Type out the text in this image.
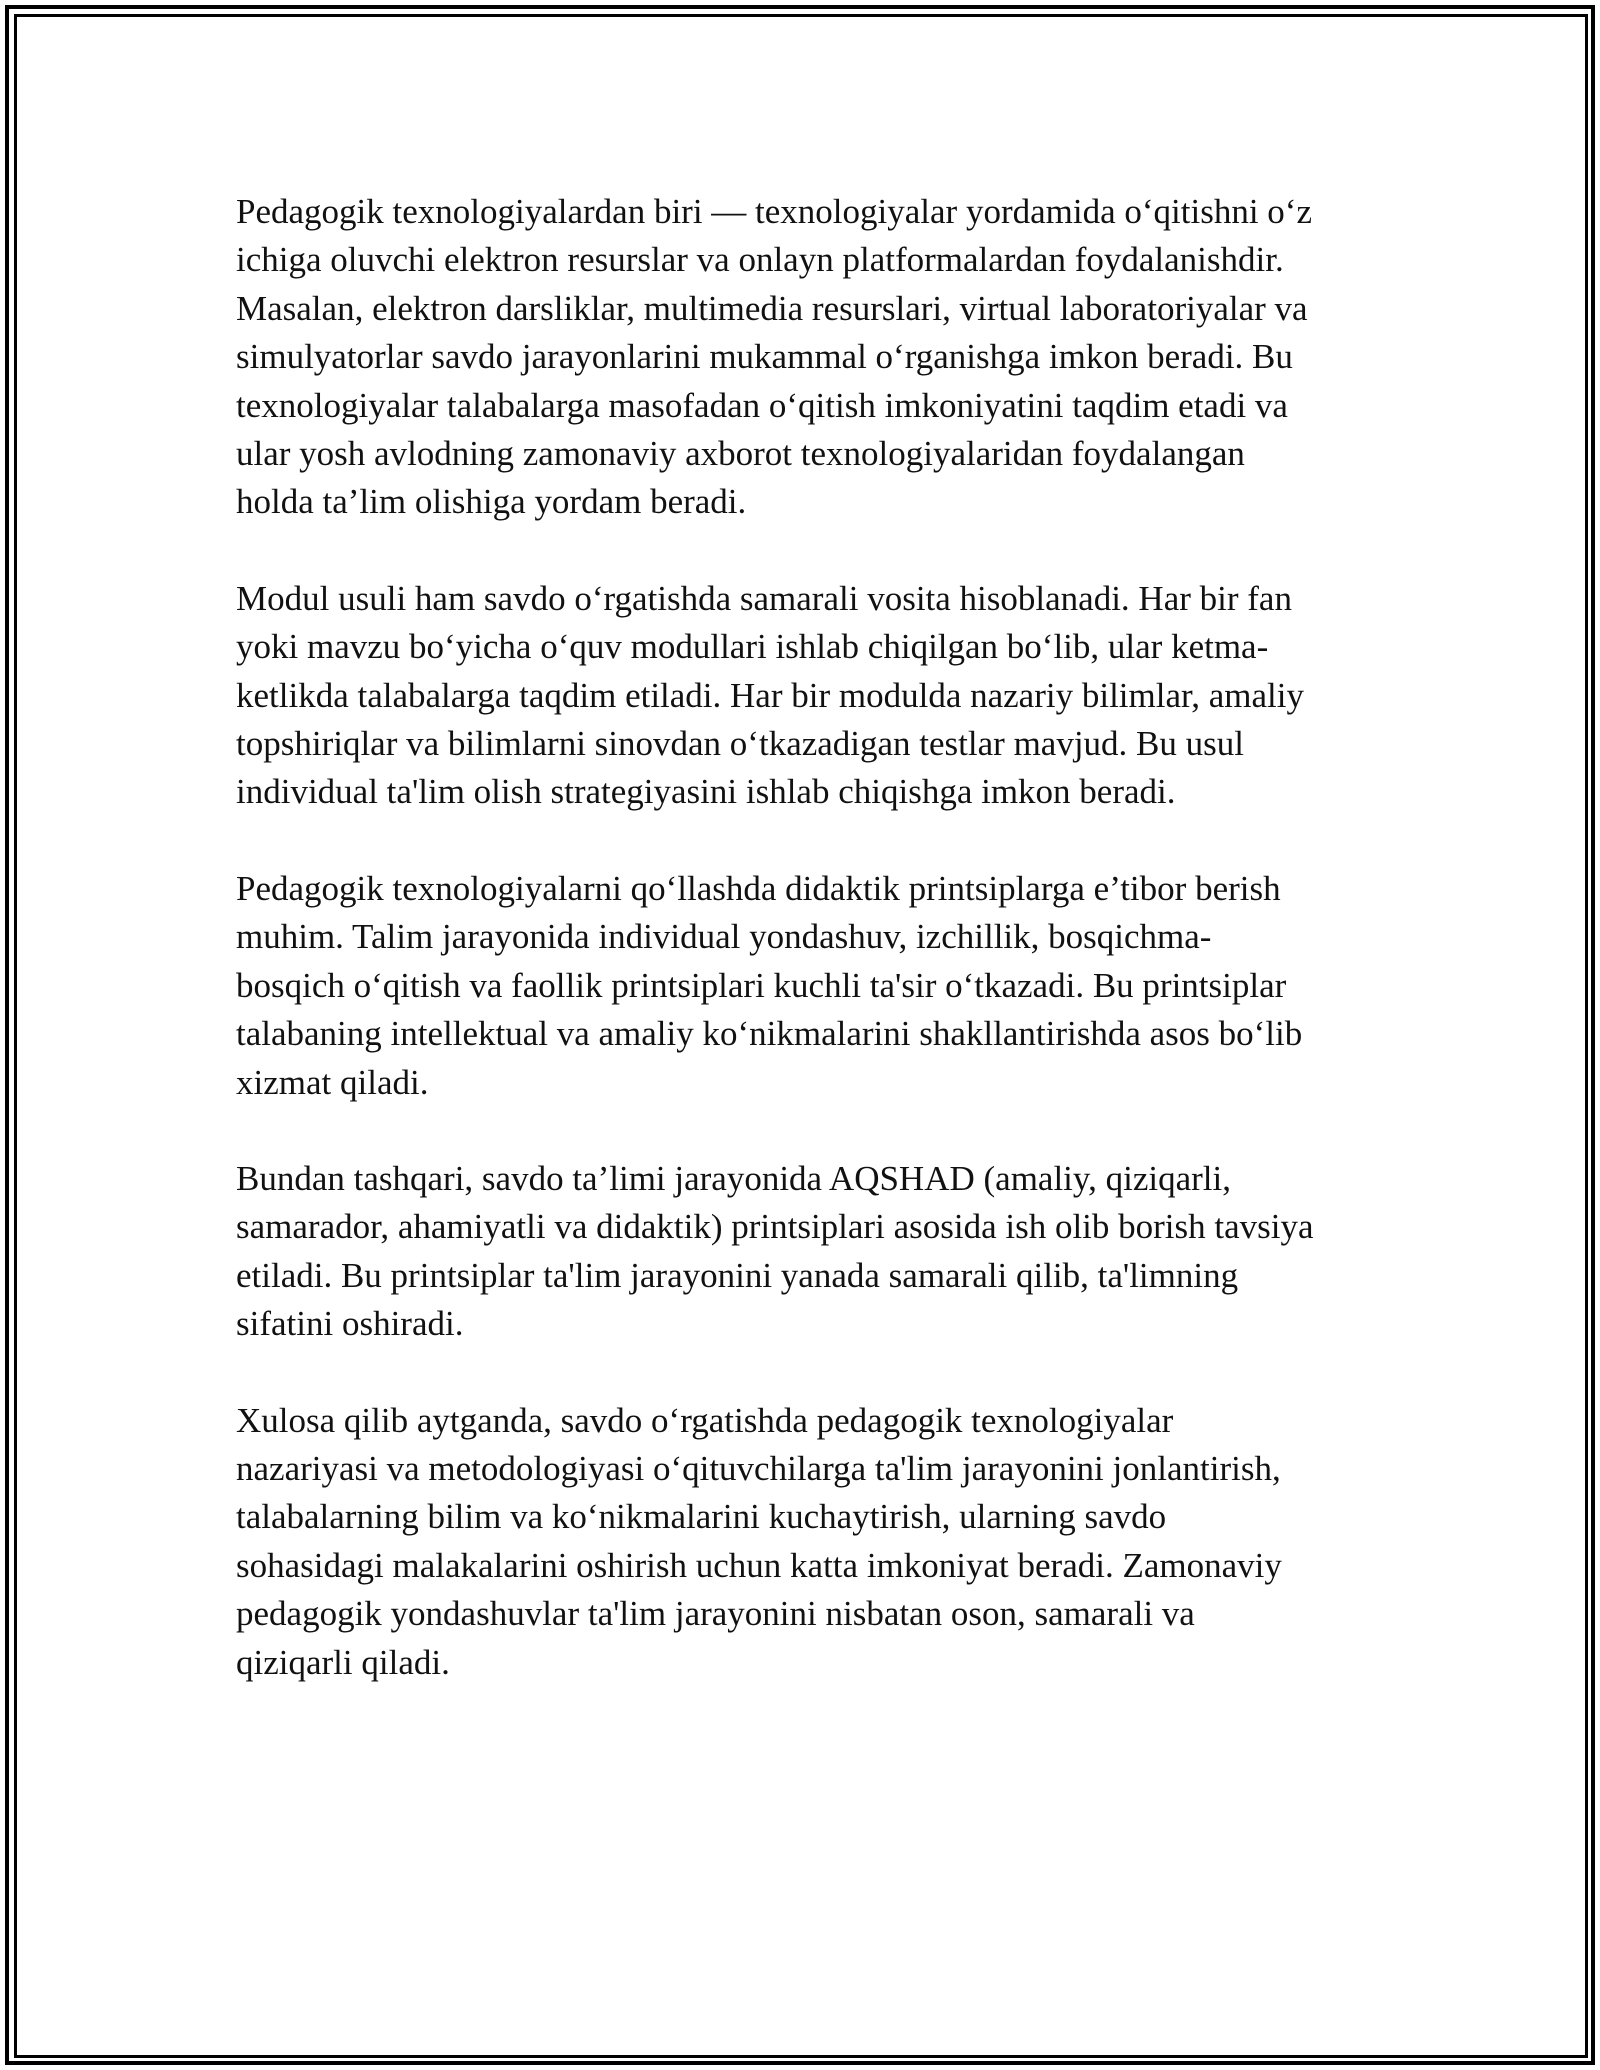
Pedagogik texnologiyalardan biri — texnologiyalar yordamida o‘qitishni o‘z
ichiga oluvchi elektron resurslar va onlayn platformalardan foydalanishdir.
Masalan, elektron darsliklar, multimedia resurslari, virtual laboratoriyalar va
simulyatorlar savdo jarayonlarini mukammal o‘rganishga imkon beradi. Bu
texnologiyalar talabalarga masofadan o‘qitish imkoniyatini taqdim etadi va
ular yosh avlodning zamonaviy axborot texnologiyalaridan foydalangan
holda ta’lim olishiga yordam beradi.

Modul usuli ham savdo o‘rgatishda samarali vosita hisoblanadi. Har bir fan
yoki mavzu bo‘yicha o‘quv modullari ishlab chiqilgan bo‘lib, ular ketma-
ketlikda talabalarga taqdim etiladi. Har bir modulda nazariy bilimlar, amaliy
topshiriqlar va bilimlarni sinovdan o‘tkazadigan testlar mavjud. Bu usul
individual ta'lim olish strategiyasini ishlab chiqishga imkon beradi.

Pedagogik texnologiyalarni qo‘llashda didaktik printsiplarga e’tibor berish
muhim. Talim jarayonida individual yondashuv, izchillik, bosqichma-
bosqich o‘qitish va faollik printsiplari kuchli ta'sir o‘tkazadi. Bu printsiplar
talabaning intellektual va amaliy ko‘nikmalarini shakllantirishda asos bo‘lib
xizmat qiladi.

Bundan tashqari, savdo ta’limi jarayonida AQSHAD (amaliy, qiziqarli,
samarador, ahamiyatli va didaktik) printsiplari asosida ish olib borish tavsiya
etiladi. Bu printsiplar ta'lim jarayonini yanada samarali qilib, ta'limning
sifatini oshiradi.

Xulosa qilib aytganda, savdo o‘rgatishda pedagogik texnologiyalar
nazariyasi va metodologiyasi o‘qituvchilarga ta'lim jarayonini jonlantirish,
talabalarning bilim va ko‘nikmalarini kuchaytirish, ularning savdo
sohasidagi malakalarini oshirish uchun katta imkoniyat beradi. Zamonaviy
pedagogik yondashuvlar ta'lim jarayonini nisbatan oson, samarali va
qiziqarli qiladi.
